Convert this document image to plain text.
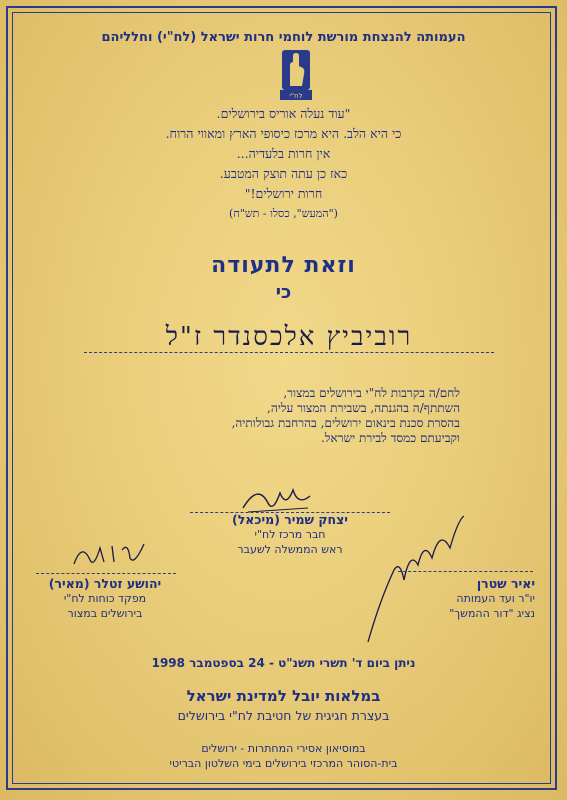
העמותה להנצחת מורשת לוחמי חרות ישראל (לח"י) וחלליהם
לח"י
"עוד נעלה אוריס בירושלים.
כי היא הלב. היא מרכז כיסופי הארץ ומאווי הרוח.
אין חרות בלעדיה...
כאז כן עתה תוצק המטבע.
חרות ירושלים!"
("המעש", כסלו - תש"ח)
וזאת לתעודה
כי
רוביביץ אלכסנדר ז"ל
לחם/ה בקרבות לח"י בירושלים במצור,
השתתף/ה בהגנתה, בשבירת המצור עליה,
בהסרת סכנת בינאום ירושלים, בהרחבת גבולותיה,
וקביעתם כמסד לבירת ישראל.
יצחק שמיר (מיכאל)
חבר מרכז לח"י
ראש הממשלה לשעבר
יהושע זטלר (מאיר)
מפקד כוחות לח"י
בירושלים במצור
יאיר שטרן
יו"ר ועד העמותה
נציג "דור ההמשך"
ניתן ביום ד' תשרי תשנ"ט - 24 בספטמבר 1998
במלאות יובל למדינת ישראל
בעצרת חגיגית של חטיבת לח"י בירושלים
במוסיאון אסירי המחתרות - ירושלים
בית-הסוהר המרכזי בירושלים בימי השלטון הבריטי
